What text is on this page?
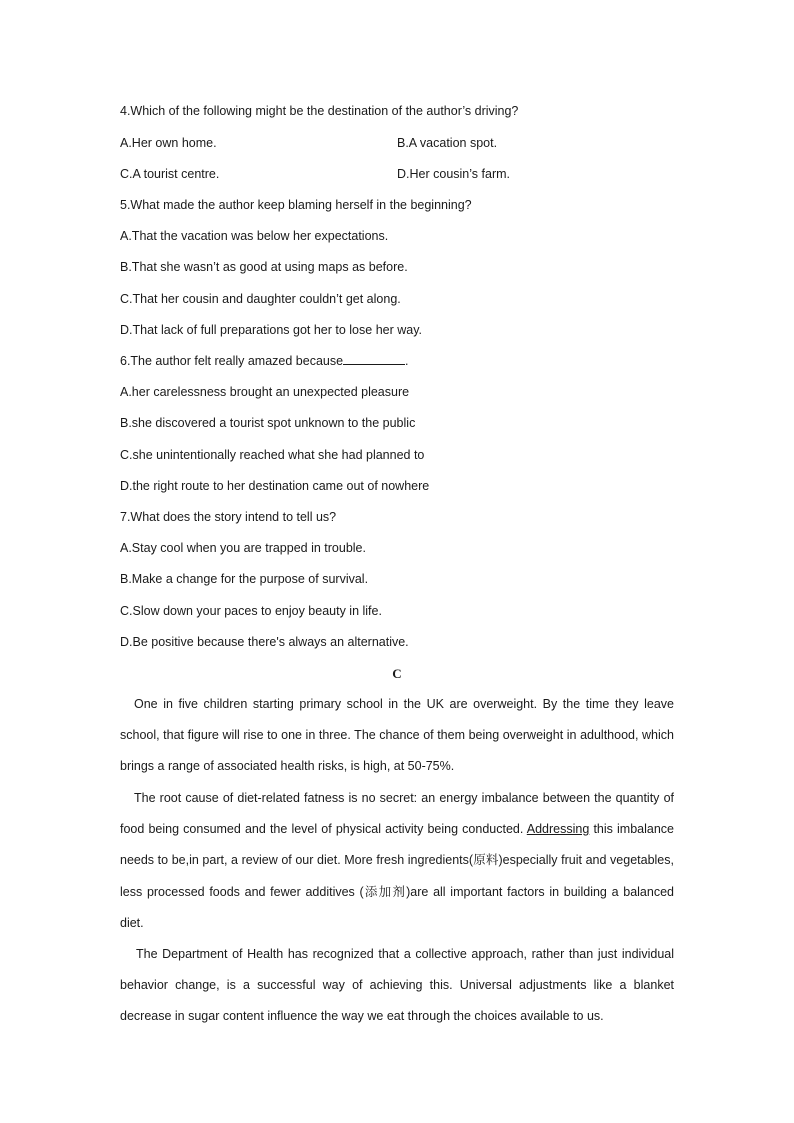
4.Which of the following might be the destination of the author’s driving?
A.Her own home.	B.A vacation spot.
C.A tourist centre.	D.Her cousin’s farm.
5.What made the author keep blaming herself in the beginning?
A.That the vacation was below her expectations.
B.That she wasn’t as good at using maps as before.
C.That her cousin and daughter couldn’t get along.
D.That lack of full preparations got her to lose her way.
6.The author felt really amazed because	.
A.her carelessness brought an unexpected pleasure
B.she discovered a tourist spot unknown to the public
C.she unintentionally reached what she had planned to
D.the right route to her destination came out of nowhere
7.What does the story intend to tell us?
A.Stay cool when you are trapped in trouble.
B.Make a change for the purpose of survival.
C.Slow down your paces to enjoy beauty in life.
D.Be positive because there's always an alternative.
C
One in five children starting primary school in the UK are overweight. By the time they leave school, that figure will rise to one in three. The chance of them being overweight in adulthood, which brings a range of associated health risks, is high, at 50-75%.
The root cause of diet-related fatness is no secret: an energy imbalance between the quantity of food being consumed and the level of physical activity being conducted. Addressing this imbalance needs to be,in part, a review of our diet. More fresh ingredients(原料)especially fruit and vegetables, less processed foods and fewer additives (添加剂)are all important factors in building a balanced diet.
The Department of Health has recognized that a collective approach, rather than just individual behavior change, is a successful way of achieving this. Universal adjustments like a blanket decrease in sugar content influence the way we eat through the choices available to us.
